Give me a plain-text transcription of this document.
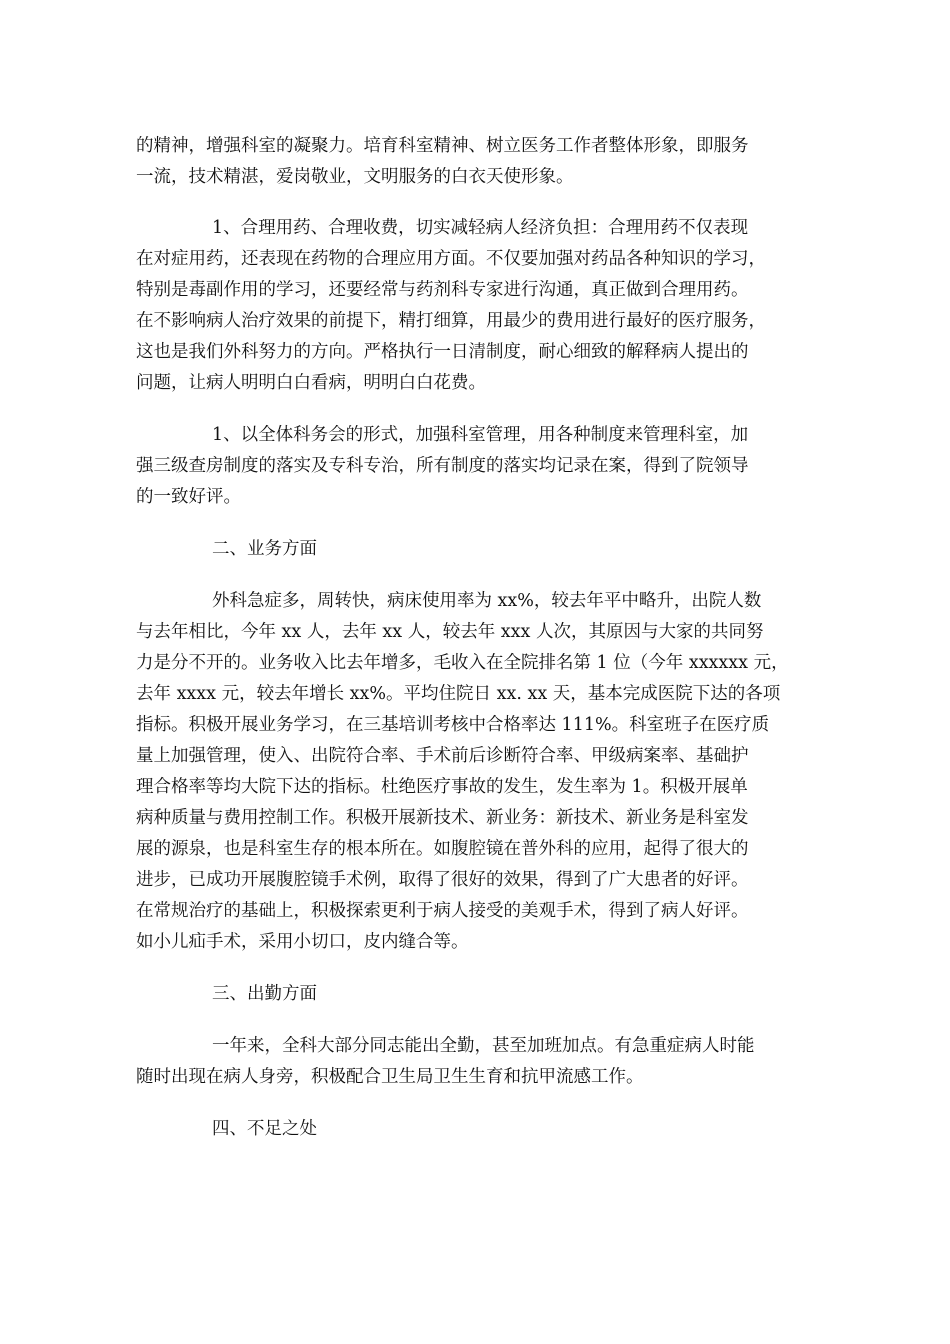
的精神，增强科室的凝聚力。培育科室精神、树立医务工作者整体形象，即服务
一流，技术精湛，爱岗敬业，文明服务的白衣天使形象。

1、合理用药、合理收费，切实减轻病人经济负担：合理用药不仅表现
在对症用药，还表现在药物的合理应用方面。不仅要加强对药品各种知识的学习，
特别是毒副作用的学习，还要经常与药剂科专家进行沟通，真正做到合理用药。
在不影响病人治疗效果的前提下，精打细算，用最少的费用进行最好的医疗服务，
这也是我们外科努力的方向。严格执行一日清制度，耐心细致的解释病人提出的
问题，让病人明明白白看病，明明白白花费。

1、以全体科务会的形式，加强科室管理，用各种制度来管理科室，加
强三级查房制度的落实及专科专治，所有制度的落实均记录在案，得到了院领导
的一致好评。

二、业务方面

外科急症多，周转快，病床使用率为 xx%，较去年平中略升，出院人数
与去年相比，今年 xx 人，去年 xx 人，较去年 xxx 人次，其原因与大家的共同努
力是分不开的。业务收入比去年增多，毛收入在全院排名第 1 位（今年 xxxxxx 元，
去年 xxxx 元，较去年增长 xx%。平均住院日 xx. xx 天，基本完成医院下达的各项
指标。积极开展业务学习，在三基培训考核中合格率达 111%。科室班子在医疗质
量上加强管理，使入、出院符合率、手术前后诊断符合率、甲级病案率、基础护
理合格率等均大院下达的指标。杜绝医疗事故的发生，发生率为 1。积极开展单
病种质量与费用控制工作。积极开展新技术、新业务：新技术、新业务是科室发
展的源泉，也是科室生存的根本所在。如腹腔镜在普外科的应用，起得了很大的
进步，已成功开展腹腔镜手术例，取得了很好的效果，得到了广大患者的好评。
在常规治疗的基础上，积极探索更利于病人接受的美观手术，得到了病人好评。
如小儿疝手术，采用小切口，皮内缝合等。

三、出勤方面

一年来，全科大部分同志能出全勤，甚至加班加点。有急重症病人时能
随时出现在病人身旁，积极配合卫生局卫生生育和抗甲流感工作。

四、不足之处
